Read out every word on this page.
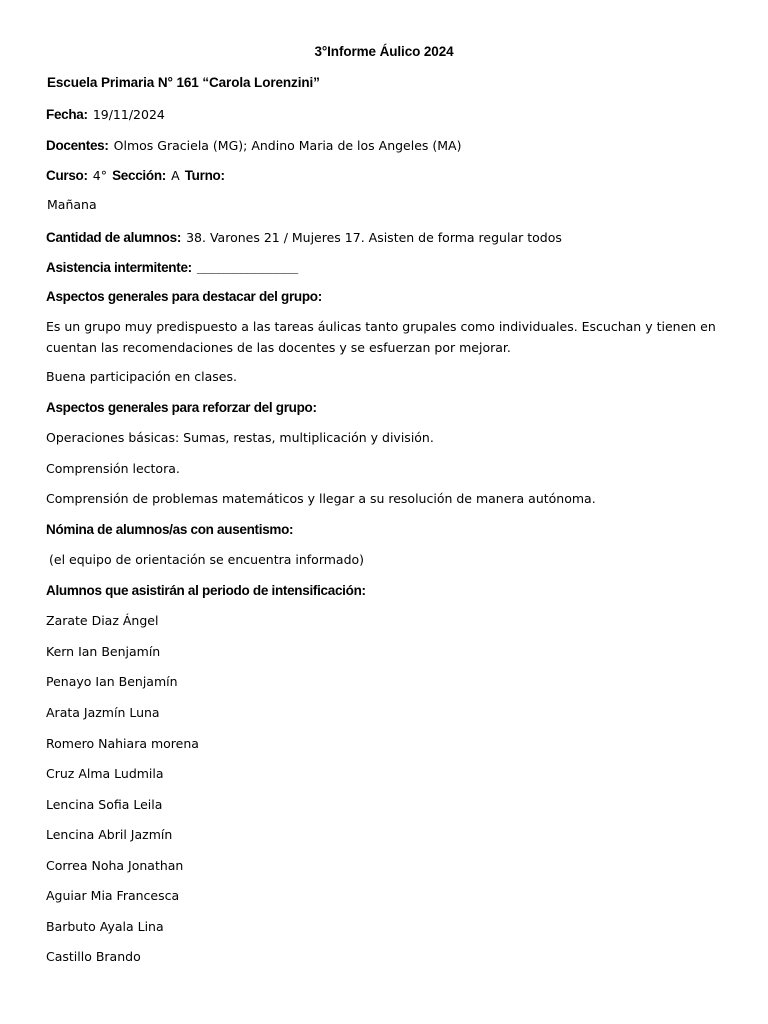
3°Informe Áulico 2024
Escuela Primaria N° 161 “Carola Lorenzini”
Fecha: 19/11/2024
Docentes: Olmos Graciela (MG); Andino Maria de los Angeles (MA)
Curso: 4° Sección: A Turno:
Mañana
Cantidad de alumnos: 38. Varones 21 / Mujeres 17. Asisten de forma regular todos
Asistencia intermitente: ______________
Aspectos generales para destacar del grupo:
Es un grupo muy predispuesto a las tareas áulicas tanto grupales como individuales. Escuchan y tienen en cuentan las recomendaciones de las docentes y se esfuerzan por mejorar.
Buena participación en clases.
Aspectos generales para reforzar del grupo:
Operaciones básicas: Sumas, restas, multiplicación y división.
Comprensión lectora.
Comprensión de problemas matemáticos y llegar a su resolución de manera autónoma.
Nómina de alumnos/as con ausentismo:
(el equipo de orientación se encuentra informado)
Alumnos que asistirán al periodo de intensificación:
Zarate Diaz Ángel
Kern Ian Benjamín
Penayo Ian Benjamín
Arata Jazmín Luna
Romero Nahiara morena
Cruz Alma Ludmila
Lencina Sofia Leila
Lencina Abril Jazmín
Correa Noha Jonathan
Aguiar Mia Francesca
Barbuto Ayala Lina
Castillo Brando
